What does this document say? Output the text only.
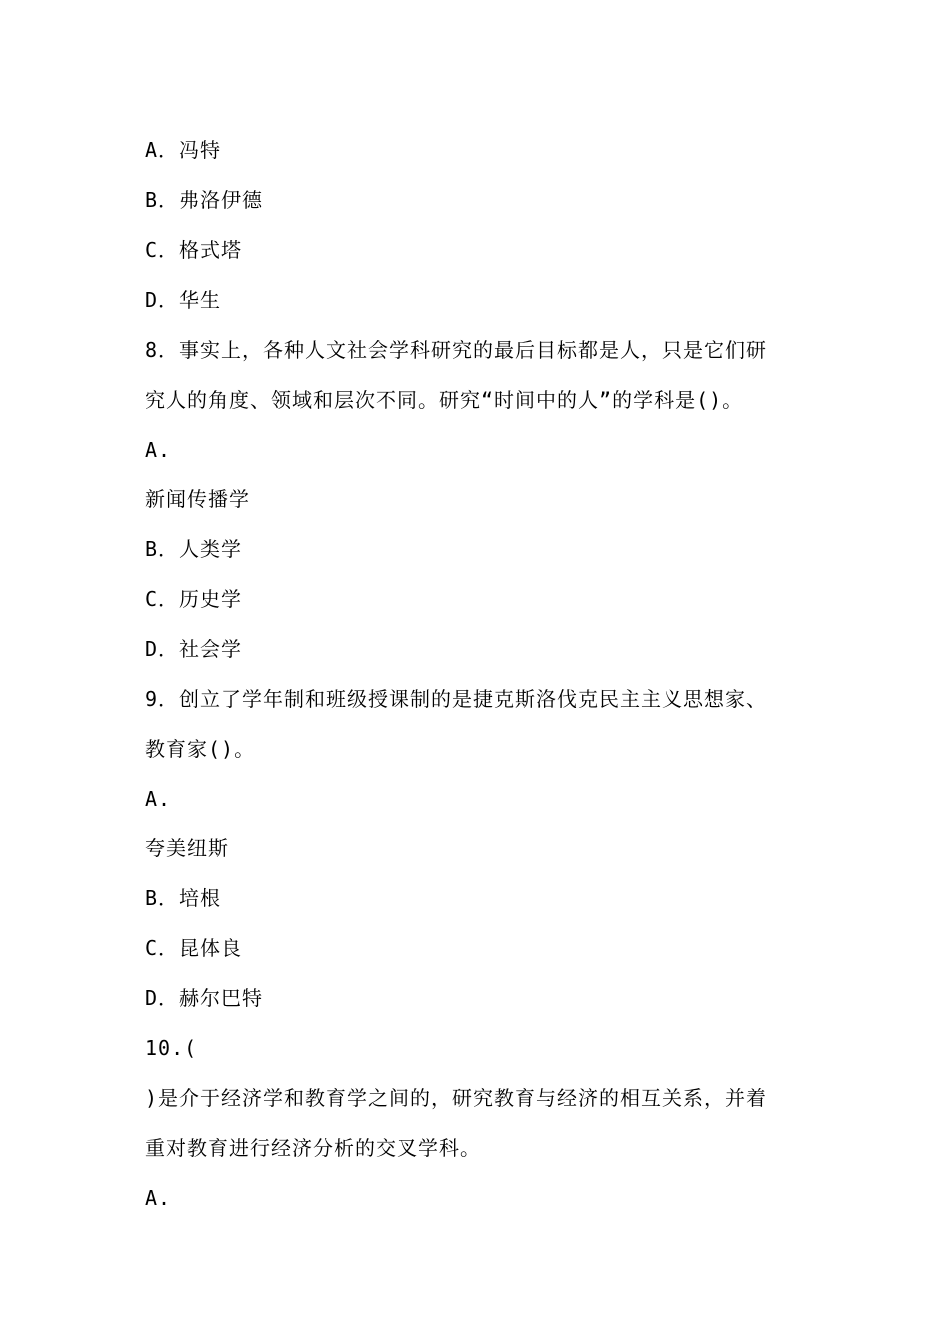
A．冯特
B．弗洛伊德
C．格式塔
D．华生
8．事实上，各种人文社会学科研究的最后目标都是人，只是它们研
究人的角度、领域和层次不同。研究“时间中的人”的学科是()。
A.
新闻传播学
B．人类学
C．历史学
D．社会学
9．创立了学年制和班级授课制的是捷克斯洛伐克民主主义思想家、
教育家()。
A.
夸美纽斯
B．培根
C．昆体良
D．赫尔巴特
10.(
)是介于经济学和教育学之间的，研究教育与经济的相互关系，并着
重对教育进行经济分析的交叉学科。
A.
